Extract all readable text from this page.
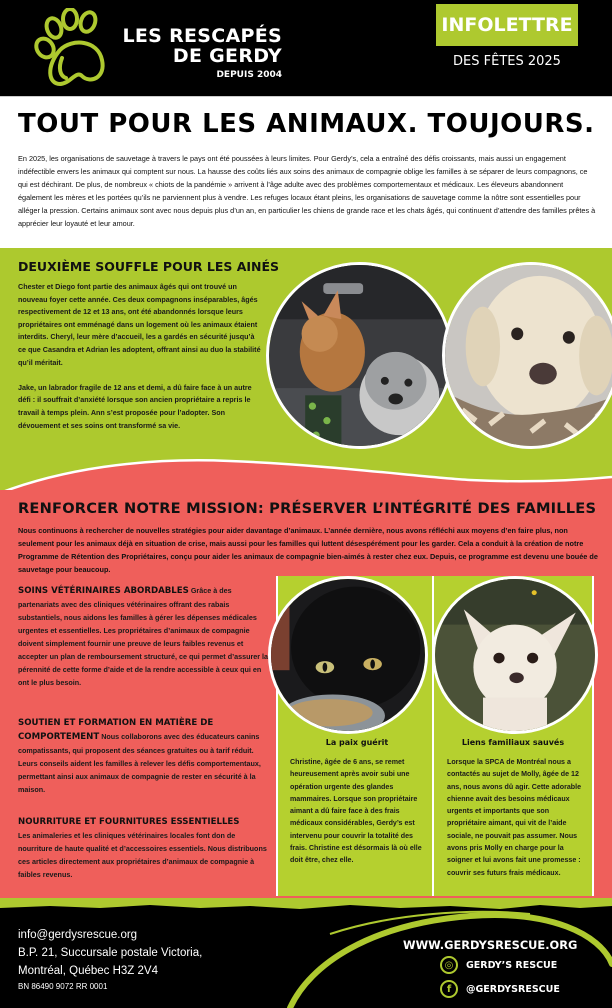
LES RESCAPÉS
DE GERDY
DEPUIS 2004
INFOLETTRE
DES FÊTES 2025
TOUT POUR LES ANIMAUX. TOUJOURS.

En 2025, les organisations de sauvetage à travers le pays ont été poussées à leurs limites. Pour Gerdy’s, cela a entraîné des défis croissants, mais aussi un engagement indéfectible envers les animaux qui comptent sur nous. La hausse des coûts liés aux soins des animaux de compagnie oblige les familles à se séparer de leurs compagnons, ce qui est déchirant. De plus, de nombreux « chiots de la pandémie » arrivent à l’âge adulte avec des problèmes comportementaux et médicaux. Les éleveurs abandonnent également les mères et les portées qu’ils ne parviennent plus à vendre. Les refuges locaux étant pleins, les organisations de sauvetage comme la nôtre sont essentielles pour alléger la pression. Certains animaux sont avec nous depuis plus d’un an, en particulier les chiens de grande race et les chats âgés, qui continuent d’attendre des familles prêtes à apprécier leur loyauté et leur amour.

DEUXIÈME SOUFFLE POUR LES AINÉS

Chester et Diego font partie des animaux âgés qui ont trouvé un nouveau foyer cette année. Ces deux compagnons inséparables, âgés respectivement de 12 et 13 ans, ont été abandonnés lorsque leurs propriétaires ont emménagé dans un logement où les animaux étaient interdits. Cheryl, leur mère d’accueil, les a gardés en sécurité jusqu’à ce que Casandra et Adrian les adoptent, offrant ainsi au duo la stabilité qu’il méritait.

Jake, un labrador fragile de 12 ans et demi, a dû faire face à un autre défi : il souffrait d’anxiété lorsque son ancien propriétaire a repris le travail à temps plein. Ann s’est proposée pour l’adopter. Son dévouement et ses soins ont transformé sa vie.

RENFORCER NOTRE MISSION: PRÉSERVER L’INTÉGRITÉ DES FAMILLES

Nous continuons à rechercher de nouvelles stratégies pour aider davantage d’animaux. L’année dernière, nous avons réfléchi aux moyens d’en faire plus, non seulement pour les animaux déjà en situation de crise, mais aussi pour les familles qui luttent désespérément pour les garder. Cela a conduit à la création de notre Programme de Rétention des Propriétaires, conçu pour aider les animaux de compagnie bien-aimés à rester chez eux. Depuis, ce programme est devenu une bouée de sauvetage pour beaucoup.

SOINS VÉTÉRINAIRES ABORDABLES Grâce à des partenariats avec des cliniques vétérinaires offrant des rabais substantiels, nous aidons les familles à gérer les dépenses médicales urgentes et essentielles. Les propriétaires d’animaux de compagnie doivent simplement fournir une preuve de leurs faibles revenus et accepter un plan de remboursement structuré, ce qui permet d’assurer la pérennité de cette forme d’aide et de la rendre accessible à ceux qui en ont le plus besoin.

SOUTIEN ET FORMATION EN MATIÈRE DE COMPORTEMENT Nous collaborons avec des éducateurs canins compatissants, qui proposent des séances gratuites ou à tarif réduit. Leurs conseils aident les familles à relever les défis comportementaux, permettant ainsi aux animaux de compagnie de rester en sécurité à la maison.

NOURRITURE ET FOURNITURES ESSENTIELLES
Les animaleries et les cliniques vétérinaires locales font don de nourriture de haute qualité et d’accessoires essentiels. Nous distribuons ces articles directement aux propriétaires d’animaux de compagnie à faibles revenus.

La paix guérit
Christine, âgée de 6 ans, se remet heureusement après avoir subi une opération urgente des glandes mammaires. Lorsque son propriétaire aimant a dû faire face à des frais médicaux considérables, Gerdy’s est intervenu pour couvrir la totalité des frais. Christine est désormais là où elle doit être, chez elle.
Liens familiaux sauvés
Lorsque la SPCA de Montréal nous a contactés au sujet de Molly, âgée de 12 ans, nous avons dû agir. Cette adorable chienne avait des besoins médicaux urgents et importants que son propriétaire aimant, qui vit de l’aide sociale, ne pouvait pas assumer. Nous avons pris Molly en charge pour la soigner et lui avons fait une promesse : couvrir ses futurs frais médicaux.
info@gerdysrescue.org
B.P. 21, Succursale postale Victoria,
Montréal, Québec H3Z 2V4
BN 86490 9072 RR 0001
WWW.GERDYSRESCUE.ORG
◎	GERDY’S RESCUE
f	@GERDYSRESCUE
